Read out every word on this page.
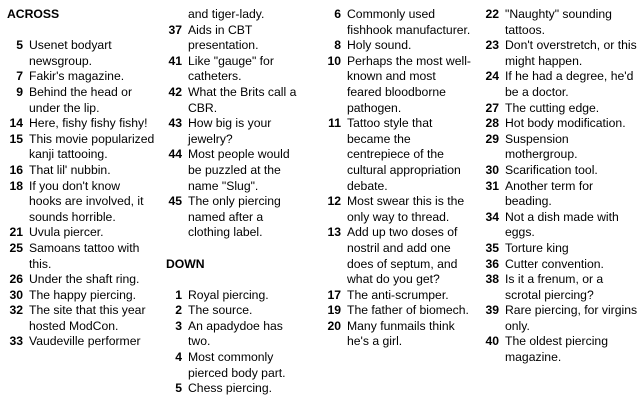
ACROSS
5 Usenet bodyart newsgroup.
7 Fakir's magazine.
9 Behind the head or under the lip.
14 Here, fishy fishy fishy!
15 This movie popularized kanji tattooing.
16 That lil' nubbin.
18 If you don't know hooks are involved, it sounds horrible.
21 Uvula piercer.
25 Samoans tattoo with this.
26 Under the shaft ring.
30 The happy piercing.
32 The site that this year hosted ModCon.
33 Vaudeville performer
and tiger-lady.
37 Aids in CBT presentation.
41 Like "gauge" for catheters.
42 What the Brits call a CBR.
43 How big is your jewelry?
44 Most people would be puzzled at the name "Slug".
45 The only piercing named after a clothing label.
DOWN
1 Royal piercing.
2 The source.
3 An apadydoe has two.
4 Most commonly pierced body part.
5 Chess piercing.
6 Commonly used fishhook manufacturer.
8 Holy sound.
10 Perhaps the most well-known and most feared bloodborne pathogen.
11 Tattoo style that became the centrepiece of the cultural appropriation debate.
12 Most swear this is the only way to thread.
13 Add up two doses of nostril and add one does of septum, and what do you get?
17 The anti-scrumper.
19 The father of biomech.
20 Many funmails think he's a girl.
22 "Naughty" sounding tattoos.
23 Don't overstretch, or this might happen.
24 If he had a degree, he'd be a doctor.
27 The cutting edge.
28 Hot body modification.
29 Suspension mothergroup.
30 Scarification tool.
31 Another term for beading.
34 Not a dish made with eggs.
35 Torture king
36 Cutter convention.
38 Is it a frenum, or a scrotal piercing?
39 Rare piercing, for virgins only.
40 The oldest piercing magazine.
